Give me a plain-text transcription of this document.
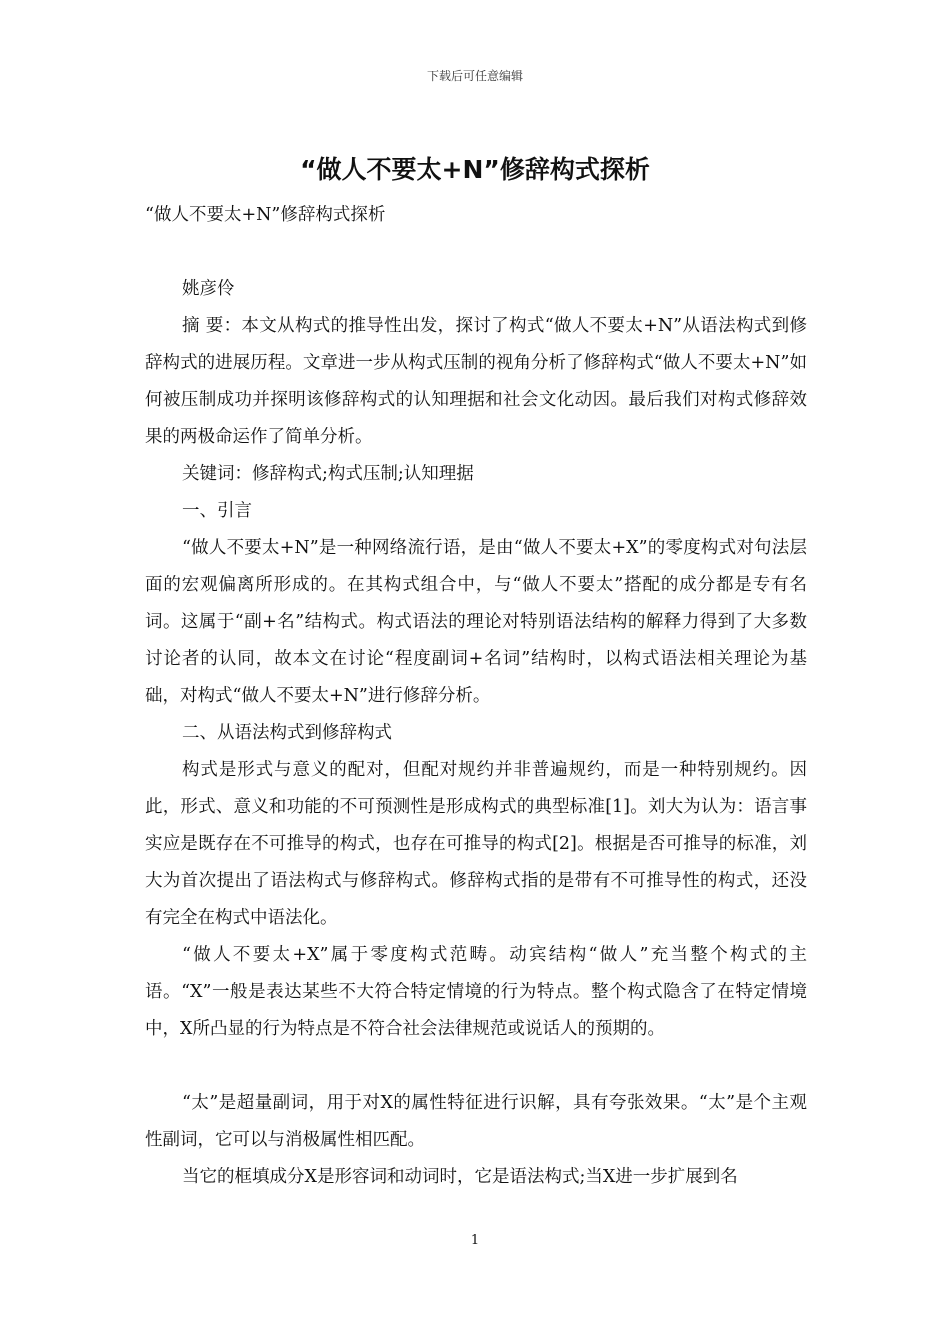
下载后可任意编辑
“做人不要太+N”修辞构式探析
“做人不要太+N”修辞构式探析

姚彦伶

摘 要：本文从构式的推导性出发，探讨了构式“做人不要太+N”从语法构式到修辞构式的进展历程。文章进一步从构式压制的视角分析了修辞构式“做人不要太+N”如何被压制成功并探明该修辞构式的认知理据和社会文化动因。最后我们对构式修辞效果的两极命运作了简单分析。

关键词：修辞构式;构式压制;认知理据

一、引言

“做人不要太+N”是一种网络流行语，是由“做人不要太+X”的零度构式对句法层面的宏观偏离所形成的。在其构式组合中，与“做人不要太”搭配的成分都是专有名词。这属于“副+名”结构式。构式语法的理论对特别语法结构的解释力得到了大多数讨论者的认同，故本文在讨论“程度副词+名词”结构时，以构式语法相关理论为基础，对构式“做人不要太+N”进行修辞分析。

二、从语法构式到修辞构式

构式是形式与意义的配对，但配对规约并非普遍规约，而是一种特别规约。因此，形式、意义和功能的不可预测性是形成构式的典型标准[1]。刘大为认为：语言事实应是既存在不可推导的构式，也存在可推导的构式[2]。根据是否可推导的标准，刘大为首次提出了语法构式与修辞构式。修辞构式指的是带有不可推导性的构式，还没有完全在构式中语法化。

“做人不要太+X”属于零度构式范畴。动宾结构“做人”充当整个构式的主语。“X”一般是表达某些不大符合特定情境的行为特点。整个构式隐含了在特定情境中，X所凸显的行为特点是不符合社会法律规范或说话人的预期的。

“太”是超量副词，用于对X的属性特征进行识解，具有夸张效果。“太”是个主观性副词，它可以与消极属性相匹配。

当它的框填成分X是形容词和动词时，它是语法构式;当X进一步扩展到名

1
